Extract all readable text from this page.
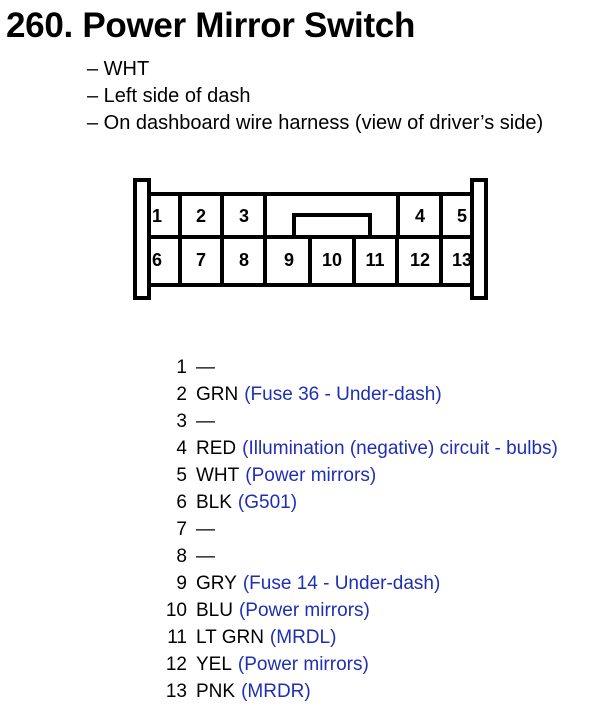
260. Power Mirror Switch
– WHT
– Left side of dash
– On dashboard wire harness (view of driver’s side)
1 2 3	4 5
6 7 8 9 10 11 12 13
1 —
2 GRN (Fuse 36 - Under-dash)
3 —
4 RED (Illumination (negative) circuit - bulbs)
5 WHT (Power mirrors)
6 BLK (G501)
7 —
8 —
9 GRY (Fuse 14 - Under-dash)
10 BLU (Power mirrors)
11 LT GRN (MRDL)
12 YEL (Power mirrors)
13 PNK (MRDR)
